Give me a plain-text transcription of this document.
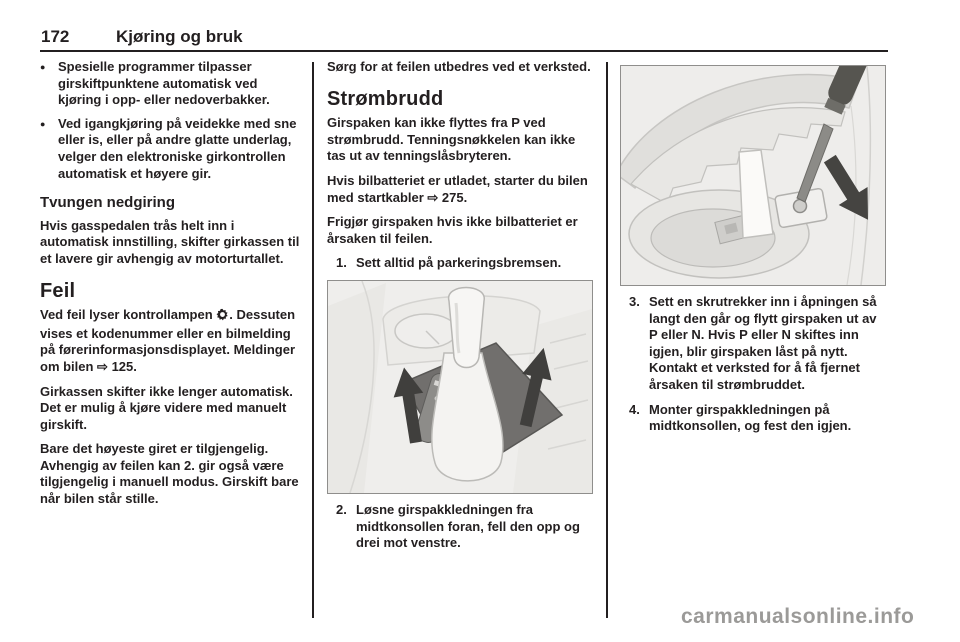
172	Kjøring og bruk
● Spesielle programmer tilpasser girskiftpunktene automatisk ved kjøring i opp- eller nedoverbakker.
● Ved igangkjøring på veidekke med sne eller is, eller på andre glatte underlag, velger den elektroniske girkontrollen automatisk et høyere gir.
Tvungen nedgiring

Hvis gasspedalen trås helt inn i automatisk innstilling, skifter girkassen til et lavere gir avhengig av motorturtallet.

Feil

Ved feil lyser kontrollampen . Dessuten vises et kodenummer eller en bilmelding på førerinformasjonsdisplayet. Meldinger om bilen ⇨ 125.

Girkassen skifter ikke lenger automatisk. Det er mulig å kjøre videre med manuelt girskift.

Bare det høyeste giret er tilgjengelig. Avhengig av feilen kan 2. gir også være tilgjengelig i manuell modus. Girskift bare når bilen står stille.

Sørg for at feilen utbedres ved et verksted.

Strømbrudd

Girspaken kan ikke flyttes fra P ved strømbrudd. Tenningsnøkkelen kan ikke tas ut av tenningslåsbryteren.

Hvis bilbatteriet er utladet, starter du bilen med startkabler ⇨ 275.

Frigjør girspaken hvis ikke bilbatteriet er årsaken til feilen.

1. Sett alltid på parkeringsbremsen.
2. Løsne girspakkledningen fra midtkonsollen foran, fell den opp og drei mot venstre.
3. Sett en skrutrekker inn i åpningen så langt den går og flytt girspaken ut av P eller N. Hvis P eller N skiftes inn igjen, blir girspaken låst på nytt. Kontakt et verksted for å få fjernet årsaken til strømbruddet.
4. Monter girspakkledningen på midtkonsollen, og fest den igjen.
carmanualsonline.info
